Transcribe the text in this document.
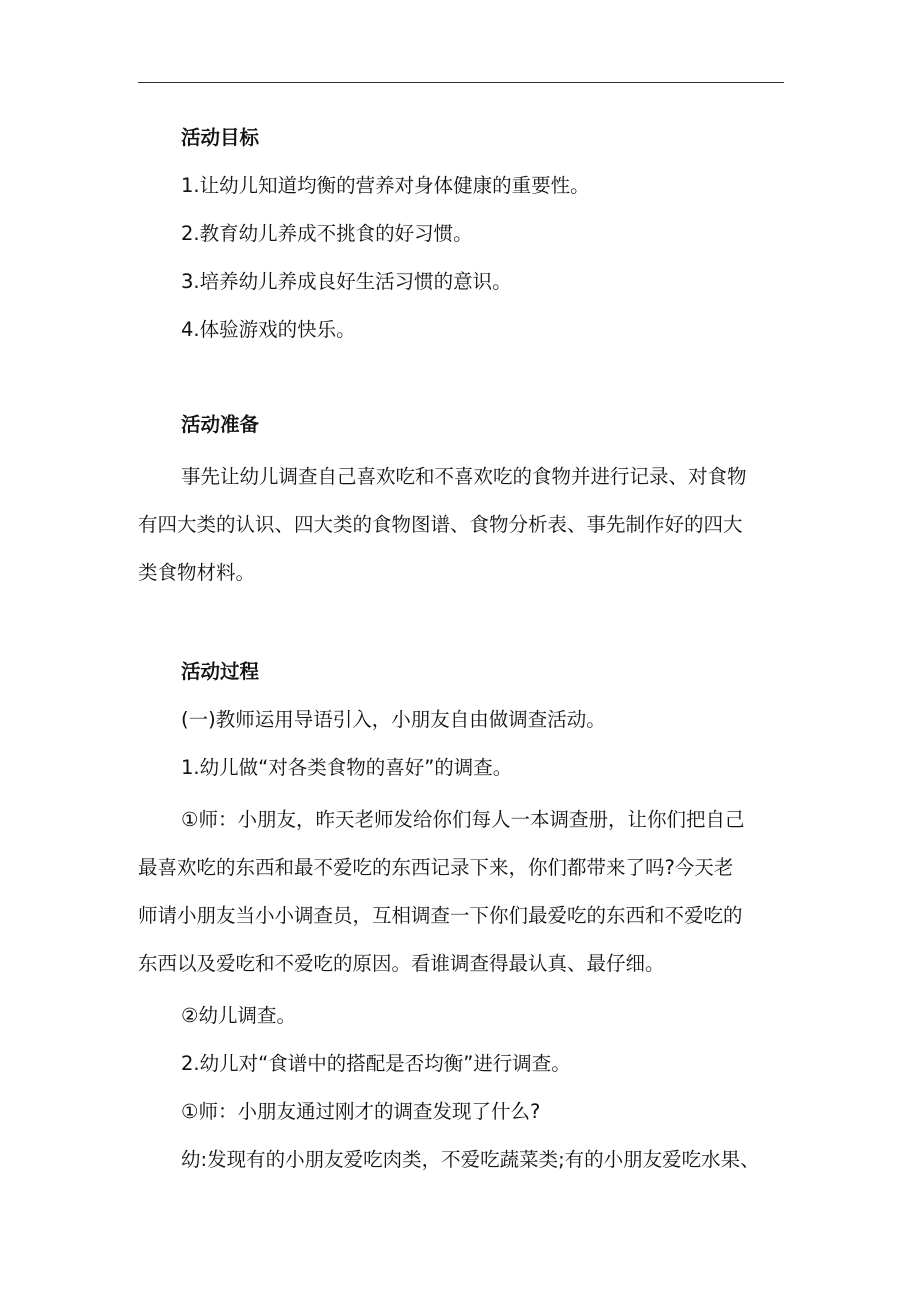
活动目标
1.让幼儿知道均衡的营养对身体健康的重要性。
2.教育幼儿养成不挑食的好习惯。
3.培养幼儿养成良好生活习惯的意识。
4.体验游戏的快乐。
活动准备
事先让幼儿调查自己喜欢吃和不喜欢吃的食物并进行记录、对食物
有四大类的认识、四大类的食物图谱、食物分析表、事先制作好的四大
类食物材料。
活动过程
(一)教师运用导语引入，小朋友自由做调查活动。
1.幼儿做“对各类食物的喜好”的调查。
①师：小朋友，昨天老师发给你们每人一本调查册，让你们把自己
最喜欢吃的东西和最不爱吃的东西记录下来，你们都带来了吗?今天老
师请小朋友当小小调查员，互相调查一下你们最爱吃的东西和不爱吃的
东西以及爱吃和不爱吃的原因。看谁调查得最认真、最仔细。
②幼儿调查。
2.幼儿对“食谱中的搭配是否均衡”进行调查。
①师：小朋友通过刚才的调查发现了什么?
幼:发现有的小朋友爱吃肉类，不爱吃蔬菜类;有的小朋友爱吃水果、
